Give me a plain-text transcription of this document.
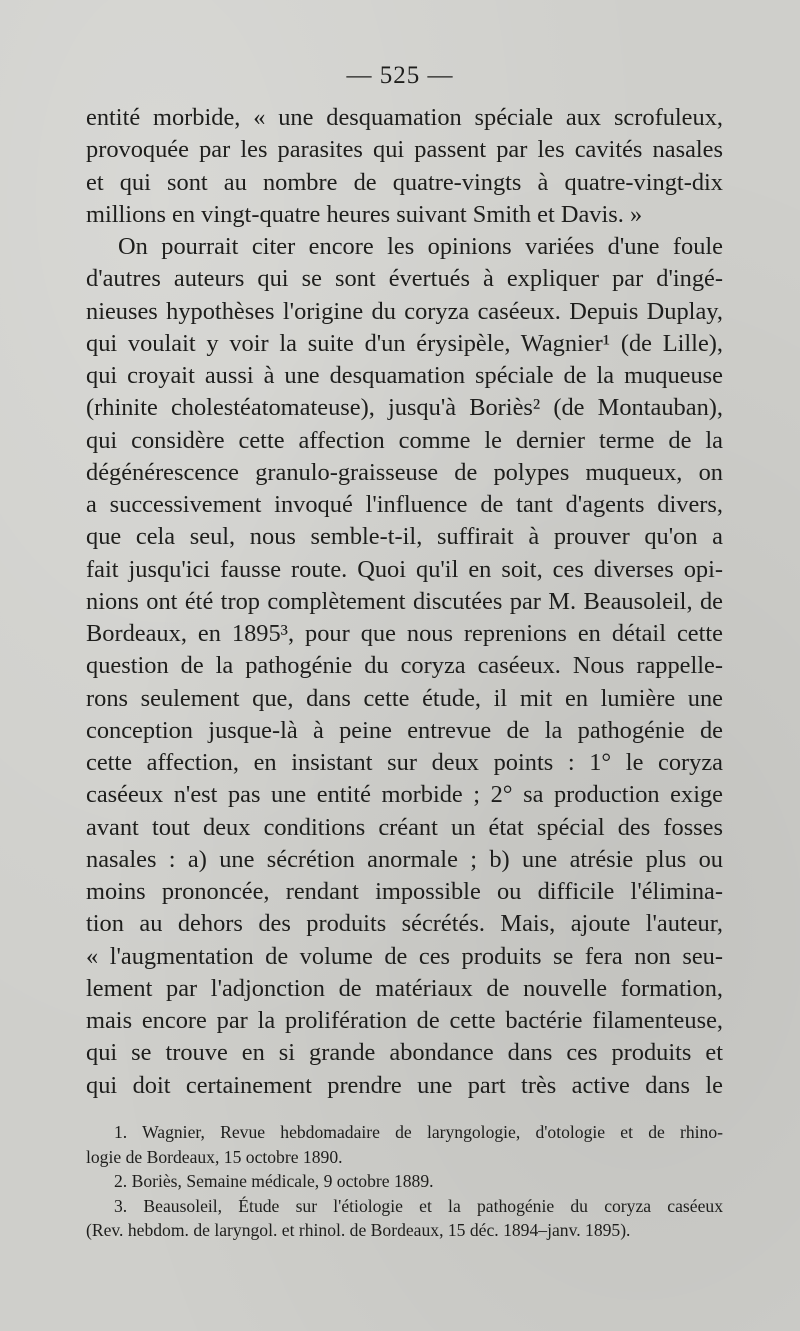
— 525 —
entité morbide, « une desquamation spéciale aux scrofuleux,
provoquée par les parasites qui passent par les cavités nasales
et qui sont au nombre de quatre-vingts à quatre-vingt-dix
millions en vingt-quatre heures suivant Smith et Davis. »
On pourrait citer encore les opinions variées d'une foule
d'autres auteurs qui se sont évertués à expliquer par d'ingé-
nieuses hypothèses l'origine du coryza caséeux. Depuis Duplay,
qui voulait y voir la suite d'un érysipèle, Wagnier¹ (de Lille),
qui croyait aussi à une desquamation spéciale de la muqueuse
(rhinite cholestéatomateuse), jusqu'à Boriès² (de Montauban),
qui considère cette affection comme le dernier terme de la
dégénérescence granulo-graisseuse de polypes muqueux, on
a successivement invoqué l'influence de tant d'agents divers,
que cela seul, nous semble-t-il, suffirait à prouver qu'on a
fait jusqu'ici fausse route. Quoi qu'il en soit, ces diverses opi-
nions ont été trop complètement discutées par M. Beausoleil, de
Bordeaux, en 1895³, pour que nous reprenions en détail cette
question de la pathogénie du coryza caséeux. Nous rappelle-
rons seulement que, dans cette étude, il mit en lumière une
conception jusque-là à peine entrevue de la pathogénie de
cette affection, en insistant sur deux points : 1° le coryza
caséeux n'est pas une entité morbide ; 2° sa production exige
avant tout deux conditions créant un état spécial des fosses
nasales : a) une sécrétion anormale ; b) une atrésie plus ou
moins prononcée, rendant impossible ou difficile l'élimina-
tion au dehors des produits sécrétés. Mais, ajoute l'auteur,
« l'augmentation de volume de ces produits se fera non seu-
lement par l'adjonction de matériaux de nouvelle formation,
mais encore par la prolifération de cette bactérie filamenteuse,
qui se trouve en si grande abondance dans ces produits et
qui doit certainement prendre une part très active dans le
1. Wagnier, Revue hebdomadaire de laryngologie, d'otologie et de rhino-
logie de Bordeaux, 15 octobre 1890.
2. Boriès, Semaine médicale, 9 octobre 1889.
3. Beausoleil, Étude sur l'étiologie et la pathogénie du coryza caséeux
(Rev. hebdom. de laryngol. et rhinol. de Bordeaux, 15 déc. 1894–janv. 1895).
